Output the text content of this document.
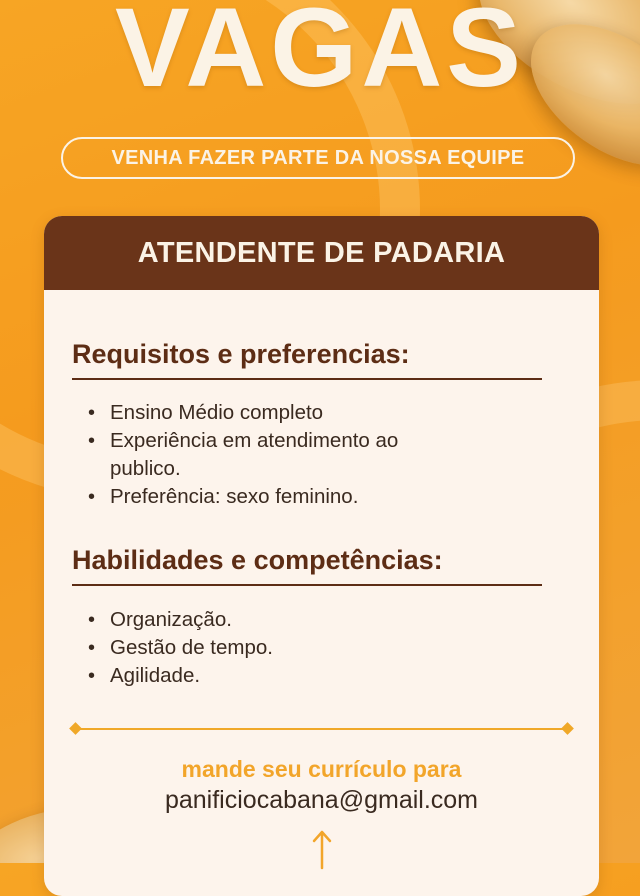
VAGAS
VENHA FAZER PARTE DA NOSSA EQUIPE
ATENDENTE DE PADARIA
Requisitos e preferencias:
• Ensino Médio completo
• Experiência em atendimento ao publico.
• Preferência: sexo feminino.
Habilidades e competências:
• Organização.
• Gestão de tempo.
• Agilidade.
mande seu currículo para
panificiocabana@gmail.com
